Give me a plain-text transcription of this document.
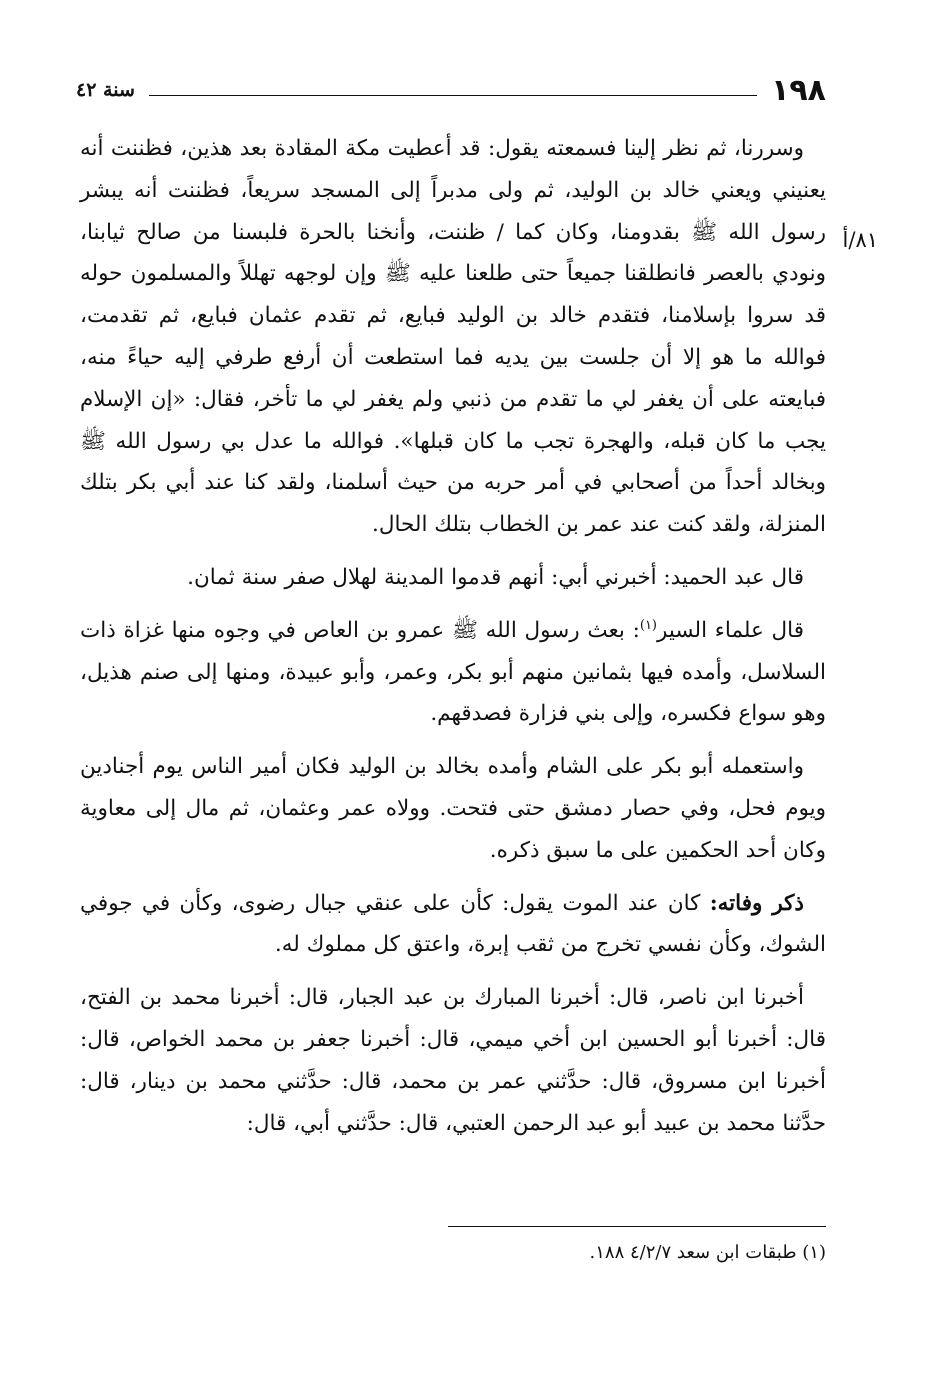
١٩٨
سنة ٤٢
٨١/أ

وسررنا، ثم نظر إلينا فسمعته يقول: قد أعطيت مكة المقادة بعد هذين، فظننت أنه يعنيني ويعني خالد بن الوليد، ثم ولى مدبراً إلى المسجد سريعاً، فظننت أنه يبشر رسول الله ﷺ بقدومنا، وكان كما / ظننت، وأنخنا بالحرة فلبسنا من صالح ثيابنا، ونودي بالعصر فانطلقنا جميعاً حتى طلعنا عليه ﷺ وإن لوجهه تهللاً والمسلمون حوله قد سروا بإسلامنا، فتقدم خالد بن الوليد فبايع، ثم تقدم عثمان فبايع، ثم تقدمت، فوالله ما هو إلا أن جلست بين يديه فما استطعت أن أرفع طرفي إليه حياءً منه، فبايعته على أن يغفر لي ما تقدم من ذنبي ولم يغفر لي ما تأخر، فقال: «إن الإسلام يجب ما كان قبله، والهجرة تجب ما كان قبلها». فوالله ما عدل بي رسول الله ﷺ وبخالد أحداً من أصحابي في أمر حربه من حيث أسلمنا، ولقد كنا عند أبي بكر بتلك المنزلة، ولقد كنت عند عمر بن الخطاب بتلك الحال.

قال عبد الحميد: أخبرني أبي: أنهم قدموا المدينة لهلال صفر سنة ثمان.

قال علماء السير$^{(١)}$: بعث رسول الله ﷺ عمرو بن العاص في وجوه منها غزاة ذات السلاسل، وأمده فيها بثمانين منهم أبو بكر، وعمر، وأبو عبيدة، ومنها إلى صنم هذيل، وهو سواع فكسره، وإلى بني فزارة فصدقهم.

واستعمله أبو بكر على الشام وأمده بخالد بن الوليد فكان أمير الناس يوم أجنادين ويوم فحل، وفي حصار دمشق حتى فتحت. وولاه عمر وعثمان، ثم مال إلى معاوية وكان أحد الحكمين على ما سبق ذكره.

ذكر وفاته: كان عند الموت يقول: كأن على عنقي جبال رضوى، وكأن في جوفي الشوك، وكأن نفسي تخرج من ثقب إبرة، واعتق كل مملوك له.

أخبرنا ابن ناصر، قال: أخبرنا المبارك بن عبد الجبار، قال: أخبرنا محمد بن الفتح، قال: أخبرنا أبو الحسين ابن أخي ميمي، قال: أخبرنا جعفر بن محمد الخواص، قال: أخبرنا ابن مسروق، قال: حدَّثني عمر بن محمد، قال: حدَّثني محمد بن دينار، قال: حدَّثنا محمد بن عبيد أبو عبد الرحمن العتبي، قال: حدَّثني أبي، قال:

(١) طبقات ابن سعد ٤/٢/٧ ١٨٨.
